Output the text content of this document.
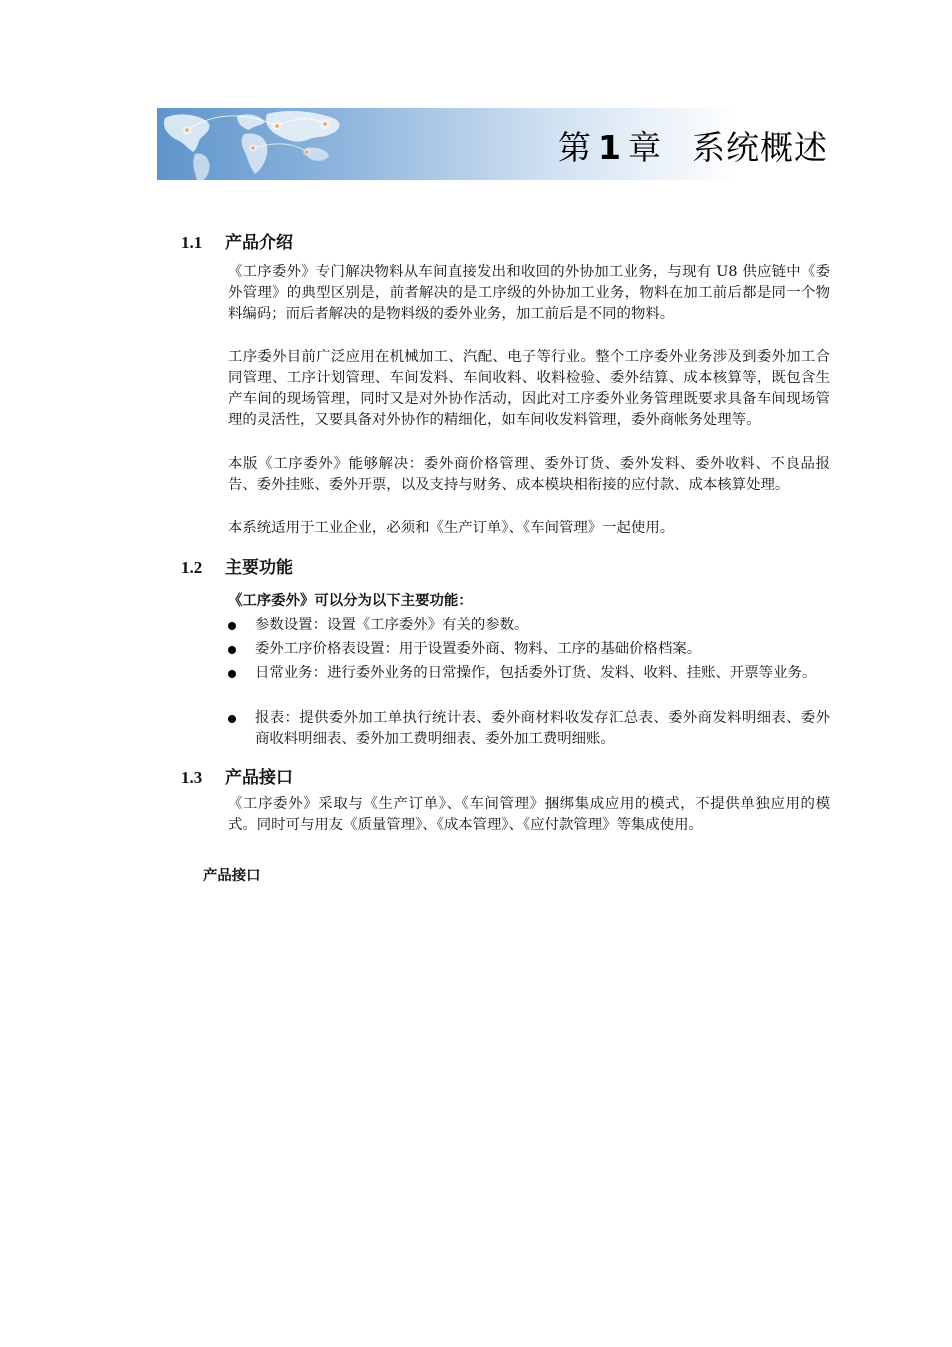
第 1 章 系统概述
1.1 产品介绍

《工序委外》专门解决物料从车间直接发出和收回的外协加工业务，与现有 U8 供应链中《委外管理》的典型区别是，前者解决的是工序级的外协加工业务，物料在加工前后都是同一个物料编码；而后者解决的是物料级的委外业务，加工前后是不同的物料。

工序委外目前广泛应用在机械加工、汽配、电子等行业。整个工序委外业务涉及到委外加工合同管理、工序计划管理、车间发料、车间收料、收料检验、委外结算、成本核算等，既包含生产车间的现场管理，同时又是对外协作活动，因此对工序委外业务管理既要求具备车间现场管理的灵活性，又要具备对外协作的精细化，如车间收发料管理，委外商帐务处理等。

本版《工序委外》能够解决：委外商价格管理、委外订货、委外发料、委外收料、不良品报告、委外挂账、委外开票，以及支持与财务、成本模块相衔接的应付款、成本核算处理。

本系统适用于工业企业，必须和《生产订单》、《车间管理》一起使用。

1.2 主要功能
《工序委外》可以分为以下主要功能：
参数设置：设置《工序委外》有关的参数。
委外工序价格表设置：用于设置委外商、物料、工序的基础价格档案。
日常业务：进行委外业务的日常操作，包括委外订货、发料、收料、挂账、开票等业务。
报表：提供委外加工单执行统计表、委外商材料收发存汇总表、委外商发料明细表、委外商收料明细表、委外加工费明细表、委外加工费明细账。
1.3 产品接口

《工序委外》采取与《生产订单》、《车间管理》捆绑集成应用的模式，不提供单独应用的模式。同时可与用友《质量管理》、《成本管理》、《应付款管理》等集成使用。

产品接口
